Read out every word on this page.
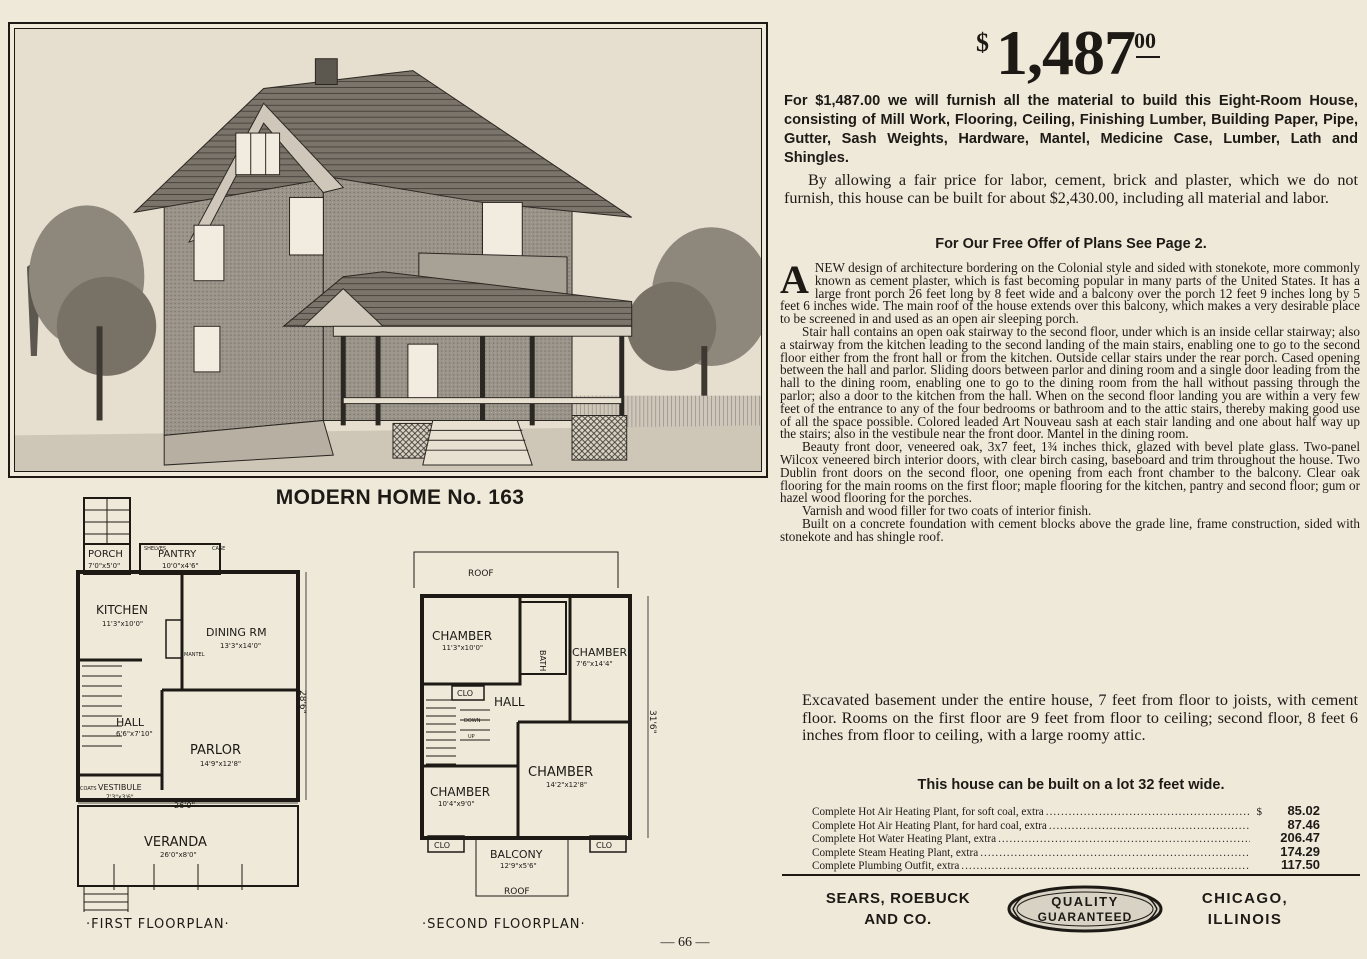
MODERN HOME No. 163
PORCH
7'0"x5'0"
PANTRY
10'0"x4'6"
SHELVES	CASE
KITCHEN
11'3"x10'0"
DINING RM
13'3"x14'0"
MANTEL
HALL
6'6"x7'10"
PARLOR
14'9"x12'8"
VESTIBULE
7'3"x3'6"
COATS
VERANDA
26'0"x8'0"
26'0"
28'6"
·FIRST FLOORPLAN·
ROOF
ROOF
CHAMBER
11'3"x10'0"	CHAMBER
7'6"x14'4"
BATH
CLO
HALL
DOWN
UP
CHAMBER
14'2"x12'8"
CHAMBER
10'4"x9'0"
CLO	CLO
BALCONY
12'9"x5'6"
31'6"
·SECOND FLOORPLAN·
— 66 —
$ 1,487 00

For $1,487.00 we will furnish all the material to build this Eight-Room House, consisting of Mill Work, Flooring, Ceiling, Finishing Lumber, Building Paper, Pipe, Gutter, Sash Weights, Hardware, Mantel, Medicine Case, Lumber, Lath and Shingles.

By allowing a fair price for labor, cement, brick and plaster, which we do not furnish, this house can be built for about $2,430.00, including all material and labor.

For Our Free Offer of Plans See Page 2.

ANEW design of architecture bordering on the Colonial style and sided with stonekote, more commonly known as cement plaster, which is fast becoming popular in many parts of the United States. It has a large front porch 26 feet long by 8 feet wide and a balcony over the porch 12 feet 9 inches long by 5 feet 6 inches wide. The main roof of the house extends over this balcony, which makes a very desirable place to be screened in and used as an open air sleeping porch.

Stair hall contains an open oak stairway to the second floor, under which is an inside cellar stairway; also a stairway from the kitchen leading to the second landing of the main stairs, enabling one to go to the second floor either from the front hall or from the kitchen. Outside cellar stairs under the rear porch. Cased opening between the hall and parlor. Sliding doors between parlor and dining room and a single door leading from the hall to the dining room, enabling one to go to the dining room from the hall without passing through the parlor; also a door to the kitchen from the hall. When on the second floor landing you are within a very few feet of the entrance to any of the four bedrooms or bathroom and to the attic stairs, thereby making good use of all the space possible. Colored leaded Art Nouveau sash at each stair landing and one about half way up the stairs; also in the vestibule near the front door. Mantel in the dining room.

Beauty front door, veneered oak, 3x7 feet, 1¾ inches thick, glazed with bevel plate glass. Two-panel Wilcox veneered birch interior doors, with clear birch casing, baseboard and trim throughout the house. Two Dublin front doors on the second floor, one opening from each front chamber to the balcony. Clear oak flooring for the main rooms on the first floor; maple flooring for the kitchen, pantry and second floor; gum or hazel wood flooring for the porches.

Varnish and wood filler for two coats of interior finish.

Built on a concrete foundation with cement blocks above the grade line, frame construction, sided with stonekote and has shingle roof.

Excavated basement under the entire house, 7 feet from floor to joists, with cement floor. Rooms on the first floor are 9 feet from floor to ceiling; second floor, 8 feet 6 inches from floor to ceiling, with a large roomy attic.

This house can be built on a lot 32 feet wide.

Complete Hot Air Heating Plant, for soft coal, extra .....	$	85.02
Complete Hot Air Heating Plant, for hard coal, extra .....	87.46
Complete Hot Water Heating Plant, extra .....	206.47
Complete Steam Heating Plant, extra .....	174.29
Complete Plumbing Outfit, extra .....	117.50
SEARS, ROEBUCK
AND CO.
QUALITY
GUARANTEED
CHICAGO,
ILLINOIS
